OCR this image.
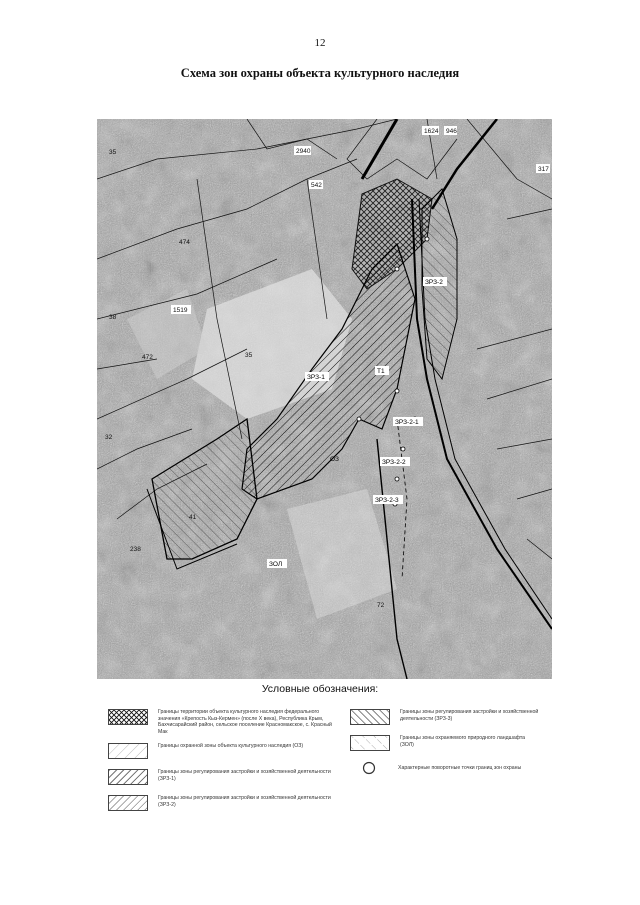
12
Схема зон охраны объекта культурного наследия
1624 946
2940
542
1519
317
35
38
472
474
32
41
238
72
35
ЗРЗ-1
ЗРЗ-2
ЗРЗ-2-1
ЗРЗ-2-2
ЗРЗ-2-3
ЗОЛ
ОЗ
Т1
Условные обозначения:
Границы территории объекта культурного наследия федерального значения «Крепость Кыз-Кермен» (после X века), Республика Крым, Бахчисарайский район, сельское поселение Красномакское, с. Красный Мак
Границы охранной зоны объекта культурного наследия (ОЗ)
Границы зоны регулирования застройки и хозяйственной деятельности (ЗРЗ-1)
Границы зоны регулирования застройки и хозяйственной деятельности (ЗРЗ-2)
Границы зоны регулирования застройки и хозяйственной деятельности (ЗРЗ-3)
Границы зоны охраняемого природного ландшафта (ЗОЛ)
Характерные поворотные точки границ зон охраны
